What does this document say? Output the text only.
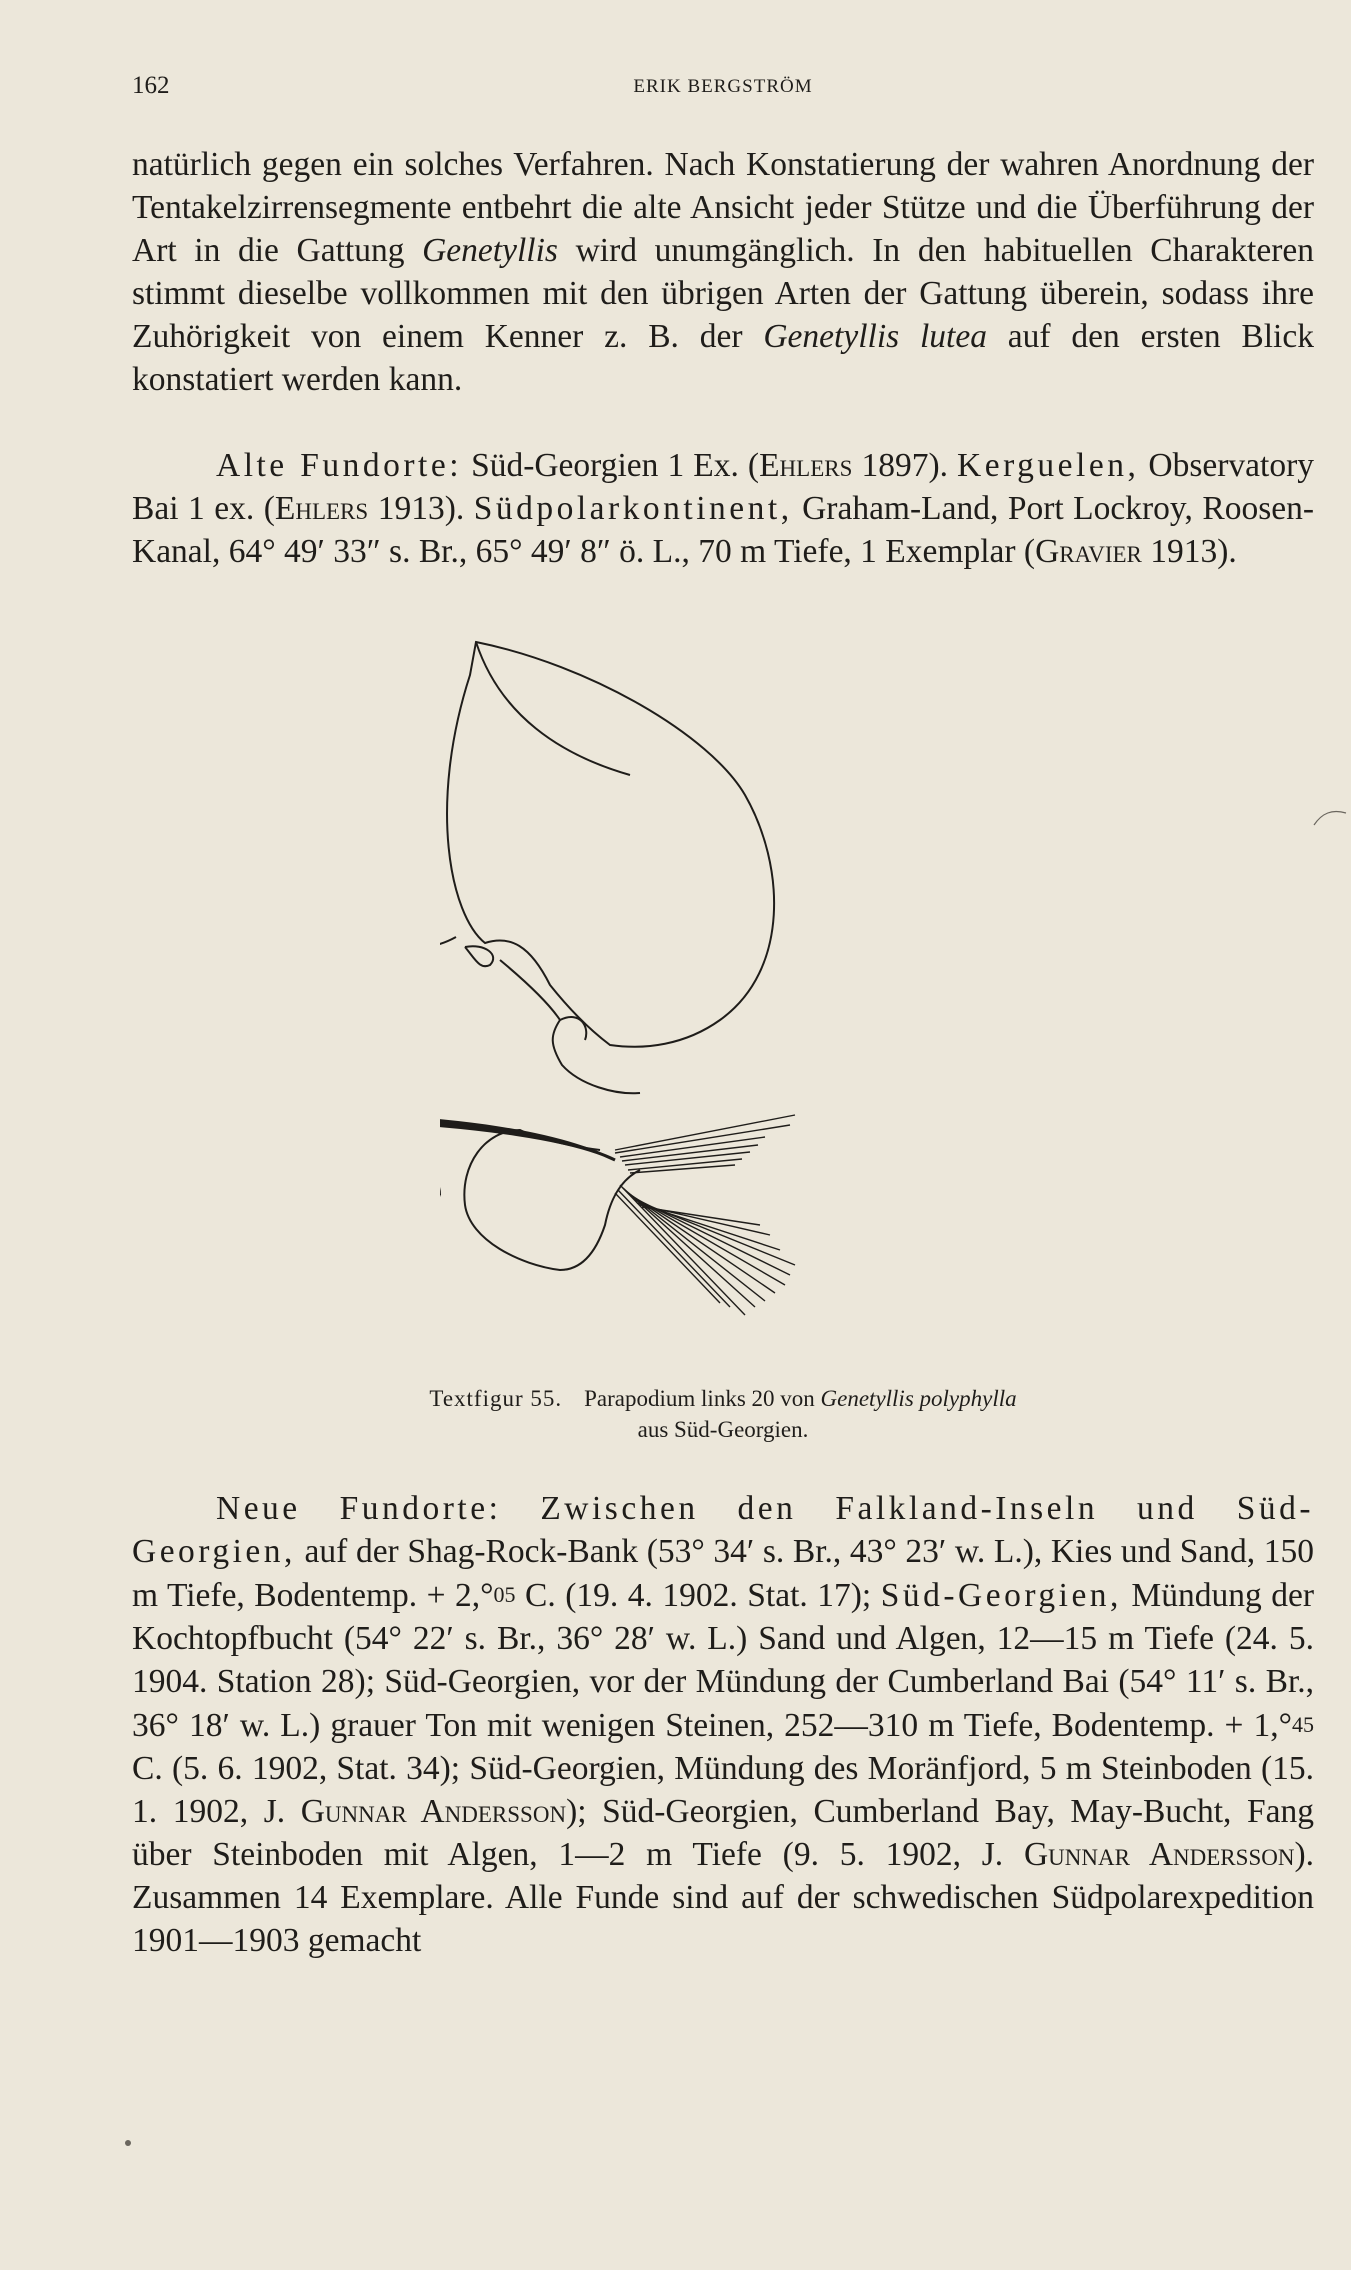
162	ERIK BERGSTRÖM

natürlich gegen ein solches Verfahren. Nach Konstatierung der wahren Anordnung der Tentakelzirrensegmente entbehrt die alte Ansicht jeder Stütze und die Überführung der Art in die Gattung Genetyllis wird unumgänglich. In den habituellen Charakteren stimmt dieselbe vollkommen mit den übrigen Arten der Gattung überein, sodass ihre Zuhörigkeit von einem Kenner z. B. der Genetyllis lutea auf den ersten Blick konstatiert werden kann.

Alte Fundorte: Süd-Georgien 1 Ex. (Ehlers 1897). Kerguelen, Observatory Bai 1 ex. (Ehlers 1913). Südpolarkontinent, Graham-Land, Port Lockroy, Roosen-Kanal, 64° 49′ 33″ s. Br., 65° 49′ 8″ ö. L., 70 m Tiefe, 1 Exemplar (Gravier 1913).

Textfigur 55. Parapodium links 20 von Genetyllis polyphylla
aus Süd-Georgien.

Neue Fundorte: Zwischen den Falkland-Inseln und Süd-Georgien, auf der Shag-Rock-Bank (53° 34′ s. Br., 43° 23′ w. L.), Kies und Sand, 150 m Tiefe, Bodentemp. + $2,^\circ_{05}$ C. (19. 4. 1902. Stat. 17); Süd-Georgien, Mündung der Kochtopfbucht (54° 22′ s. Br., 36° 28′ w. L.) Sand und Algen, 12—15 m Tiefe (24. 5. 1904. Station 28); Süd-Georgien, vor der Mündung der Cumberland Bai (54° 11′ s. Br., 36° 18′ w. L.) grauer Ton mit wenigen Steinen, 252—310 m Tiefe, Bodentemp. + $1,^\circ_{45}$ C. (5. 6. 1902, Stat. 34); Süd-Georgien, Mündung des Moränfjord, 5 m Steinboden (15. 1. 1902, J. Gunnar Andersson); Süd-Georgien, Cumberland Bay, May-Bucht, Fang über Steinboden mit Algen, 1—2 m Tiefe (9. 5. 1902, J. Gunnar Andersson). Zusammen 14 Exemplare. Alle Funde sind auf der schwedischen Südpolarexpedition 1901—1903 gemacht
